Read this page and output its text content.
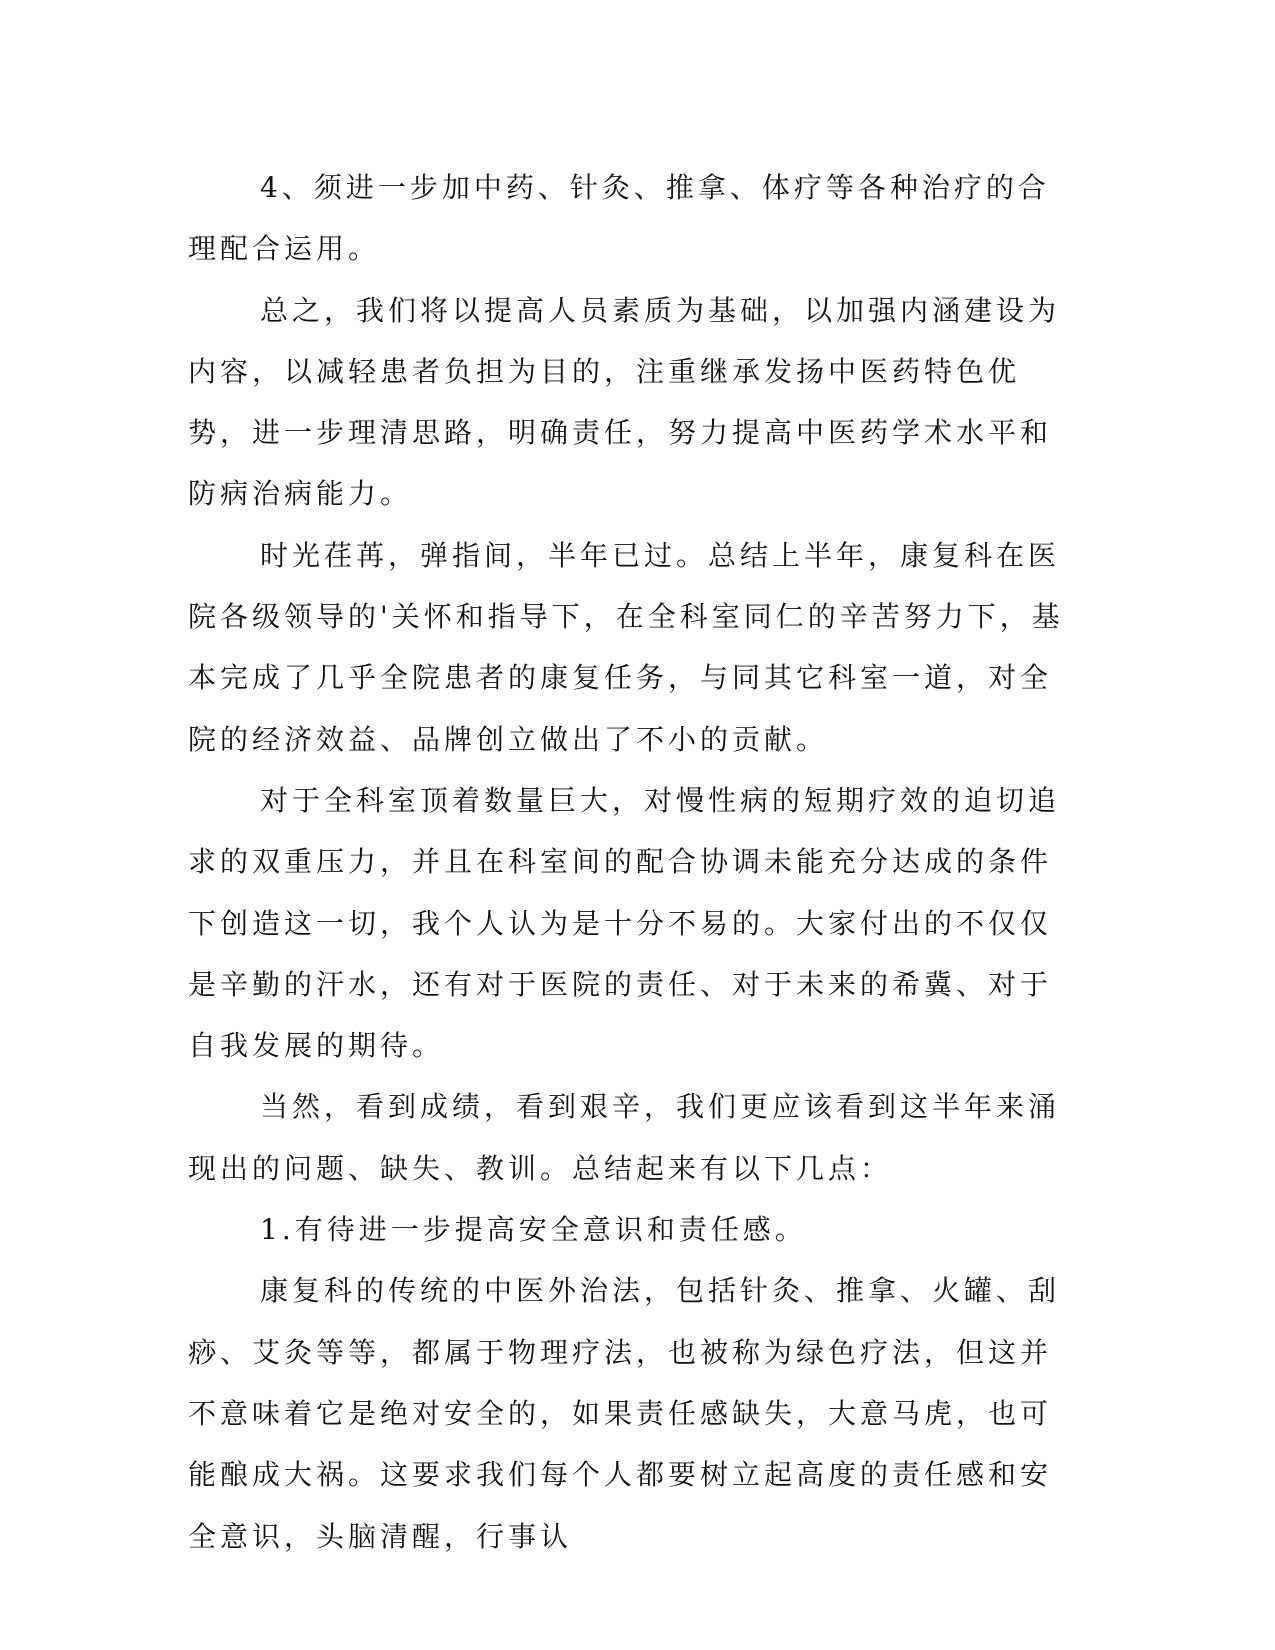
4、须进一步加中药、针灸、推拿、体疗等各种治疗的合理配合运用。

总之，我们将以提高人员素质为基础，以加强内涵建设为内容，以减轻患者负担为目的，注重继承发扬中医药特色优势，进一步理清思路，明确责任，努力提高中医药学术水平和防病治病能力。

时光荏苒，弹指间，半年已过。总结上半年，康复科在医院各级领导的'关怀和指导下，在全科室同仁的辛苦努力下，基本完成了几乎全院患者的康复任务，与同其它科室一道，对全院的经济效益、品牌创立做出了不小的贡献。

对于全科室顶着数量巨大，对慢性病的短期疗效的迫切追求的双重压力，并且在科室间的配合协调未能充分达成的条件下创造这一切，我个人认为是十分不易的。大家付出的不仅仅是辛勤的汗水，还有对于医院的责任、对于未来的希冀、对于自我发展的期待。

当然，看到成绩，看到艰辛，我们更应该看到这半年来涌现出的问题、缺失、教训。总结起来有以下几点：

1.有待进一步提高安全意识和责任感。

康复科的传统的中医外治法，包括针灸、推拿、火罐、刮痧、艾灸等等，都属于物理疗法，也被称为绿色疗法，但这并不意味着它是绝对安全的，如果责任感缺失，大意马虎，也可能酿成大祸。这要求我们每个人都要树立起高度的责任感和安全意识，头脑清醒，行事认
